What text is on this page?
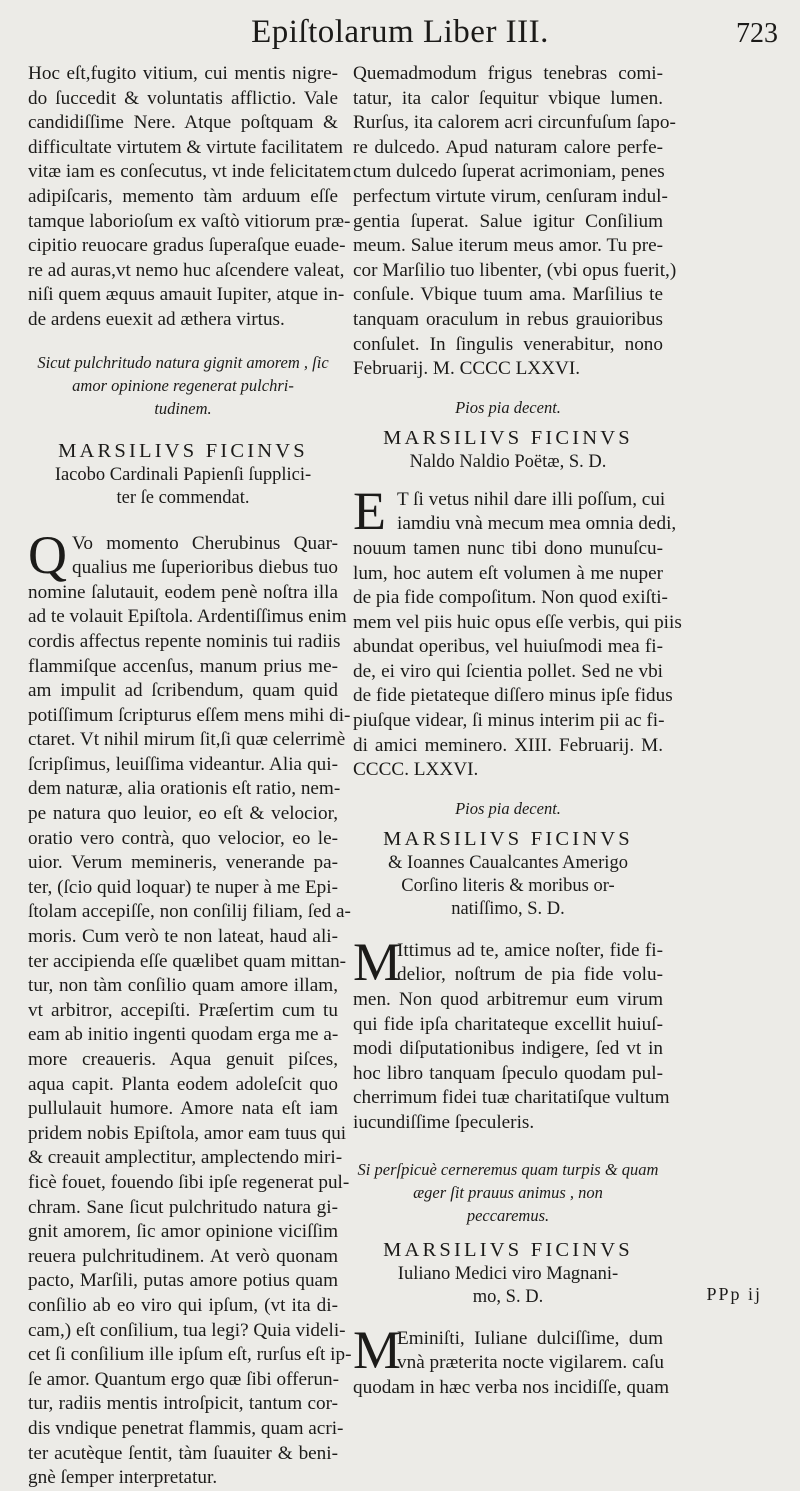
Epiſtolarum Liber III.	723
Hoc eſt,fugito vitium, cui mentis nigre-
do ſuccedit & voluntatis afflictio. Vale
candidiſſime Nere. Atque poſtquam &
difficultate virtutem & virtute facilitatem
vitæ iam es conſecutus, vt inde felicitatem
adipiſcaris, memento tàm arduum eſſe
tamque laborioſum ex vaſtò vitiorum præ-
cipitio reuocare gradus ſuperaſque euade-
re ad auras,vt nemo huc aſcendere valeat,
niſi quem æquus amauit Iupiter, atque in-
de ardens euexit ad æthera virtus.
Sicut pulchritudo natura gignit amorem , ſic
amor opinione regenerat pulchri-
tudinem.
MARSILIVS FICINVS
Iacobo Cardinali Papienſi ſupplici-
ter ſe commendat.
Q Vo momento Cherubinus Quar-
qualius me ſuperioribus diebus tuo
nomine ſalutauit, eodem penè noſtra illa
ad te volauit Epiſtola. Ardentiſſimus enim
cordis affectus repente nominis tui radiis
flammiſque accenſus, manum prius me-
am impulit ad ſcribendum, quam quid
potiſſimum ſcripturus eſſem mens mihi di-
ctaret. Vt nihil mirum ſit,ſi quæ celerrimè
ſcripſimus, leuiſſima videantur. Alia qui-
dem naturæ, alia orationis eſt ratio, nem-
pe natura quo leuior, eo eſt & velocior,
oratio vero contrà, quo velocior, eo le-
uior. Verum memineris, venerande pa-
ter, (ſcio quid loquar) te nuper à me Epi-
ſtolam accepiſſe, non conſilij filiam, ſed a-
moris. Cum verò te non lateat, haud ali-
ter accipienda eſſe quælibet quam mittan-
tur, non tàm conſilio quam amore illam,
vt arbitror, accepiſti. Præſertim cum tu
eam ab initio ingenti quodam erga me a-
more creaueris. Aqua genuit piſces,
aqua capit. Planta eodem adoleſcit quo
pullulauit humore. Amore nata eſt iam
pridem nobis Epiſtola, amor eam tuus qui
& creauit amplectitur, amplectendo miri-
ficè fouet, fouendo ſibi ipſe regenerat pul-
chram. Sane ſicut pulchritudo natura gi-
gnit amorem, ſic amor opinione viciſſim
reuera pulchritudinem. At verò quonam
pacto, Marſili, putas amore potius quam
conſilio ab eo viro qui ipſum, (vt ita di-
cam,) eſt conſilium, tua legi? Quia videli-
cet ſi conſilium ille ipſum eſt, rurſus eſt ip-
ſe amor. Quantum ergo quæ ſibi offerun-
tur, radiis mentis introſpicit, tantum cor-
dis vndique penetrat flammis, quam acri-
ter acutèque ſentit, tàm ſuauiter & beni-
gnè ſemper interpretatur.
Quemadmodum frigus tenebras comi-
tatur, ita calor ſequitur vbique lumen.
Rurſus, ita calorem acri circunfuſum ſapo-
re dulcedo. Apud naturam calore perfe-
ctum dulcedo ſuperat acrimoniam, penes
perfectum virtute virum, cenſuram indul-
gentia ſuperat. Salue igitur Conſilium
meum. Salue iterum meus amor. Tu pre-
cor Marſilio tuo libenter, (vbi opus fuerit,)
conſule. Vbique tuum ama. Marſilius te
tanquam oraculum in rebus grauioribus
conſulet. In ſingulis venerabitur, nono
Februarij. M. CCCC LXXVI.
Pios pia decent.
MARSILIVS FICINVS
Naldo Naldio Poëtæ, S. D.
E T ſi vetus nihil dare illi poſſum, cui
iamdiu vnà mecum mea omnia dedi,
nouum tamen nunc tibi dono munuſcu-
lum, hoc autem eſt volumen à me nuper
de pia fide compoſitum. Non quod exiſti-
mem vel piis huic opus eſſe verbis, qui piis
abundat operibus, vel huiuſmodi mea fi-
de, ei viro qui ſcientia pollet. Sed ne vbi
de fide pietateque diſſero minus ipſe fidus
piuſque videar, ſi minus interim pii ac fi-
di amici meminero. XIII. Februarij. M.
CCCC. LXXVI.
Pios pia decent.
MARSILIVS FICINVS
& Ioannes Caualcantes Amerigo
Corſino literis & moribus or-
natiſſimo, S. D.
M
Ittimus ad te, amice noſter, fide fi-
delior, noſtrum de pia fide volu-
men. Non quod arbitremur eum virum
qui fide ipſa charitateque excellit huiuſ-
modi diſputationibus indigere, ſed vt in
hoc libro tanquam ſpeculo quodam pul-
cherrimum fidei tuæ charitatiſque vultum
iucundiſſime ſpeculeris.
Si perſpicuè cerneremus quam turpis & quam
æger ſit prauus animus , non
peccaremus.
MARSILIVS FICINVS
Iuliano Medici viro Magnani-
mo, S. D.
M
Eminiſti, Iuliane dulciſſime, dum
vnà præterita nocte vigilarem. caſu
quodam in hæc verba nos incidiſſe, quam
PPp ij
